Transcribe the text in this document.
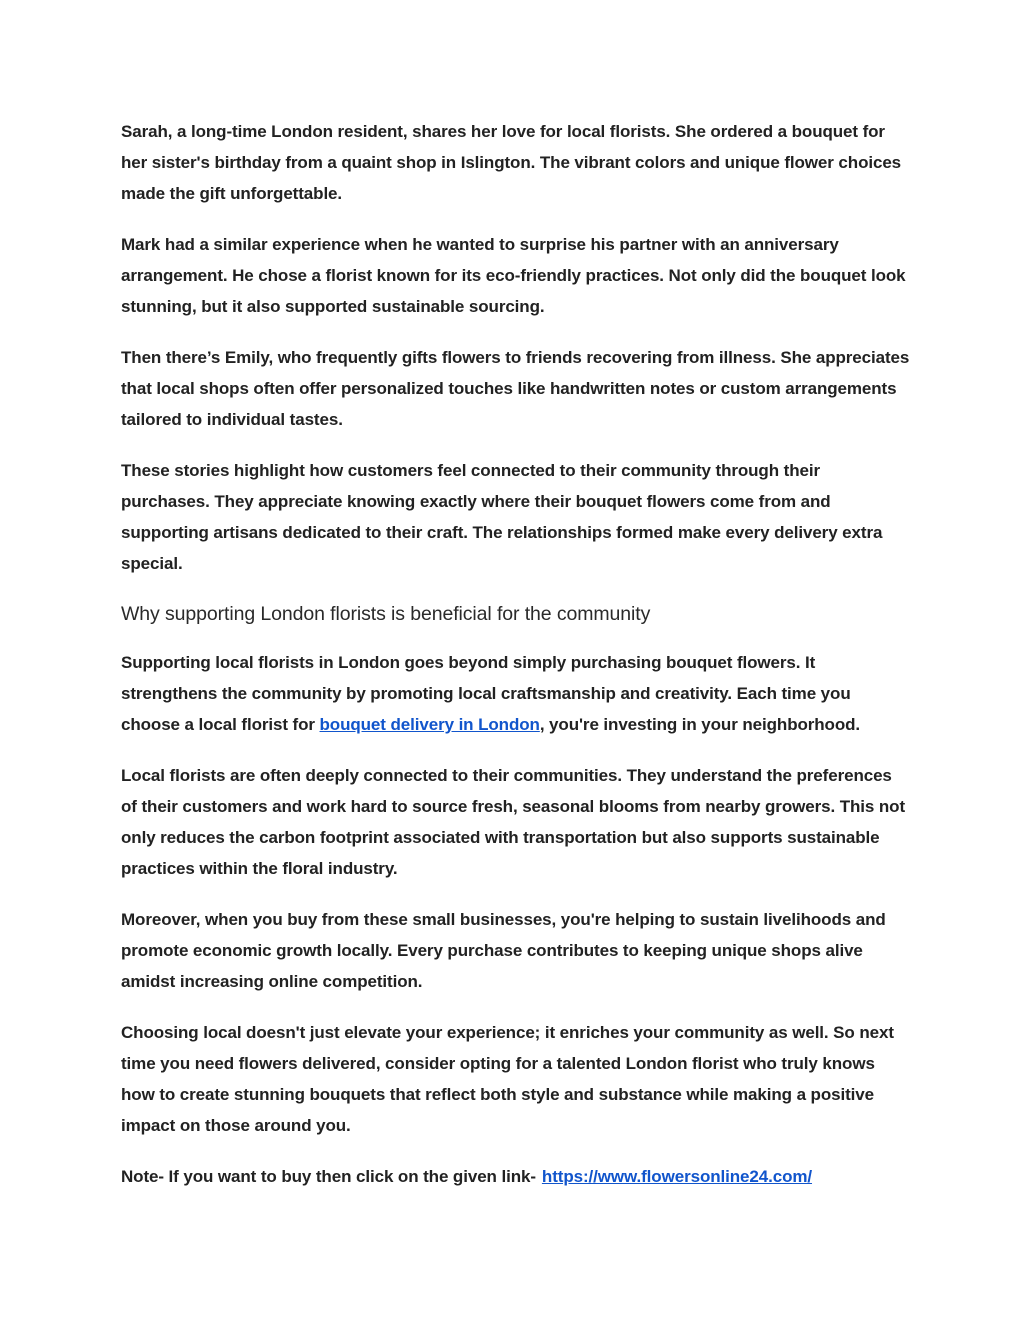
Sarah, a long-time London resident, shares her love for local florists. She ordered a bouquet for her sister's birthday from a quaint shop in Islington. The vibrant colors and unique flower choices made the gift unforgettable.

Mark had a similar experience when he wanted to surprise his partner with an anniversary arrangement. He chose a florist known for its eco-friendly practices. Not only did the bouquet look stunning, but it also supported sustainable sourcing.

Then there’s Emily, who frequently gifts flowers to friends recovering from illness. She appreciates that local shops often offer personalized touches like handwritten notes or custom arrangements tailored to individual tastes.

These stories highlight how customers feel connected to their community through their purchases. They appreciate knowing exactly where their bouquet flowers come from and supporting artisans dedicated to their craft. The relationships formed make every delivery extra special.

Why supporting London florists is beneficial for the community

Supporting local florists in London goes beyond simply purchasing bouquet flowers. It strengthens the community by promoting local craftsmanship and creativity. Each time you choose a local florist for bouquet delivery in London, you're investing in your neighborhood.

Local florists are often deeply connected to their communities. They understand the preferences of their customers and work hard to source fresh, seasonal blooms from nearby growers. This not only reduces the carbon footprint associated with transportation but also supports sustainable practices within the floral industry.

Moreover, when you buy from these small businesses, you're helping to sustain livelihoods and promote economic growth locally. Every purchase contributes to keeping unique shops alive amidst increasing online competition.

Choosing local doesn't just elevate your experience; it enriches your community as well. So next time you need flowers delivered, consider opting for a talented London florist who truly knows how to create stunning bouquets that reflect both style and substance while making a positive impact on those around you.

Note- If you want to buy then click on the given link- https://www.flowersonline24.com/
